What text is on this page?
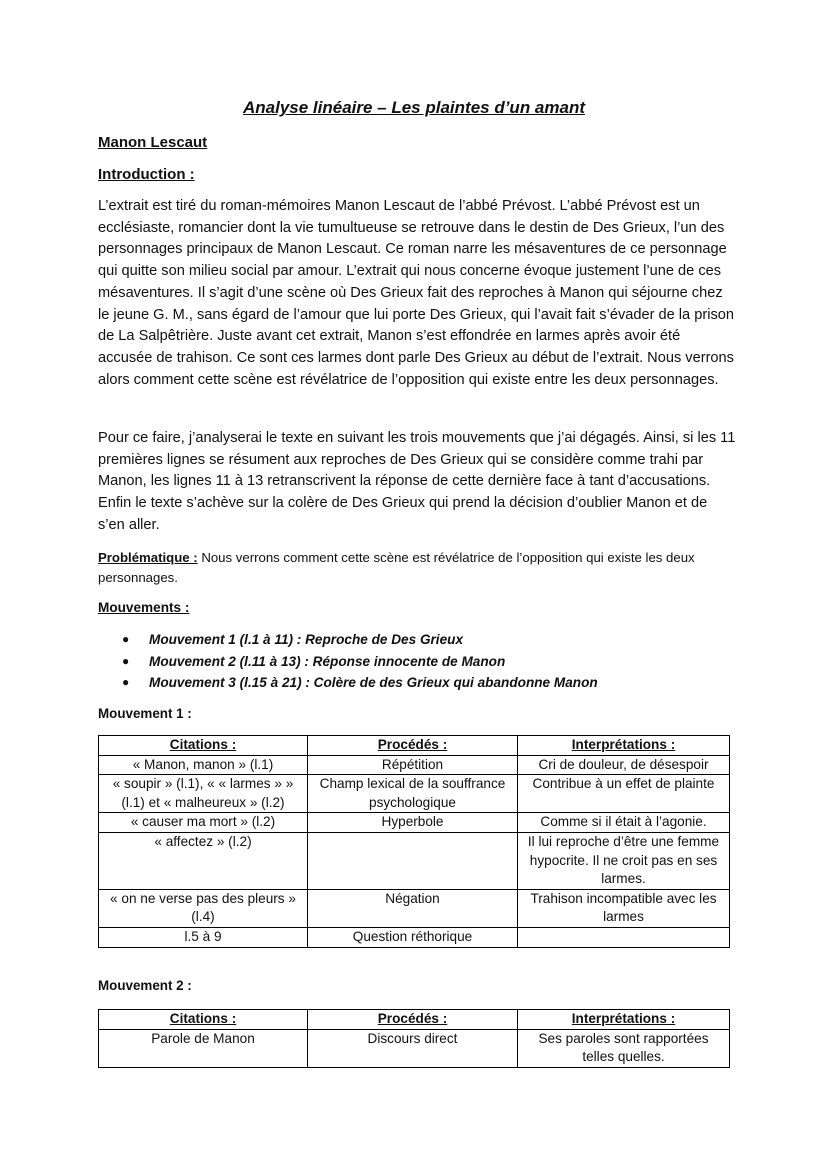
Analyse linéaire – Les plaintes d’un amant
Manon Lescaut
Introduction :
L’extrait est tiré du roman-mémoires Manon Lescaut de l’abbé Prévost. L’abbé Prévost est un ecclésiaste, romancier dont la vie tumultueuse se retrouve dans le destin de Des Grieux, l’un des personnages principaux de Manon Lescaut. Ce roman narre les mésaventures de ce personnage qui quitte son milieu social par amour. L’extrait qui nous concerne évoque justement l’une de ces mésaventures. Il s’agit d’une scène où Des Grieux fait des reproches à Manon qui séjourne chez le jeune G. M., sans égard de l’amour que lui porte Des Grieux, qui l’avait fait s’évader de la prison de La Salpêtrière. Juste avant cet extrait, Manon s’est effondrée en larmes après avoir été accusée de trahison. Ce sont ces larmes dont parle Des Grieux au début de l’extrait. Nous verrons alors comment cette scène est révélatrice de l’opposition qui existe entre les deux personnages.
Pour ce faire, j’analyserai le texte en suivant les trois mouvements que j’ai dégagés. Ainsi, si les 11 premières lignes se résument aux reproches de Des Grieux qui se considère comme trahi par Manon, les lignes 11 à 13 retranscrivent la réponse de cette dernière face à tant d’accusations. Enfin le texte s’achève sur la colère de Des Grieux qui prend la décision d’oublier Manon et de s’en aller.
Problématique : Nous verrons comment cette scène est révélatrice de l’opposition qui existe les deux personnages.
Mouvements :
● Mouvement 1 (l.1 à 11) : Reproche de Des Grieux
● Mouvement 2 (l.11 à 13) : Réponse innocente de Manon
● Mouvement 3 (l.15 à 21) : Colère de des Grieux qui abandonne Manon
Mouvement 1 :
Citations :	Procédés :	Interprétations :
« Manon, manon » (l.1)	Répétition	Cri de douleur, de désespoir
« soupir » (l.1), « « larmes » » (l.1) et « malheureux » (l.2)	Champ lexical de la souffrance psychologique	Contribue à un effet de plainte
« causer ma mort » (l.2)	Hyperbole	Comme si il était à l’agonie.
« affectez » (l.2)		Il lui reproche d’être une femme hypocrite. Il ne croit pas en ses larmes.
« on ne verse pas des pleurs » (l.4)	Négation	Trahison incompatible avec les larmes
l.5 à 9	Question réthorique	
Mouvement 2 :
Citations :	Procédés :	Interprétations :
Parole de Manon	Discours direct	Ses paroles sont rapportées telles quelles.
